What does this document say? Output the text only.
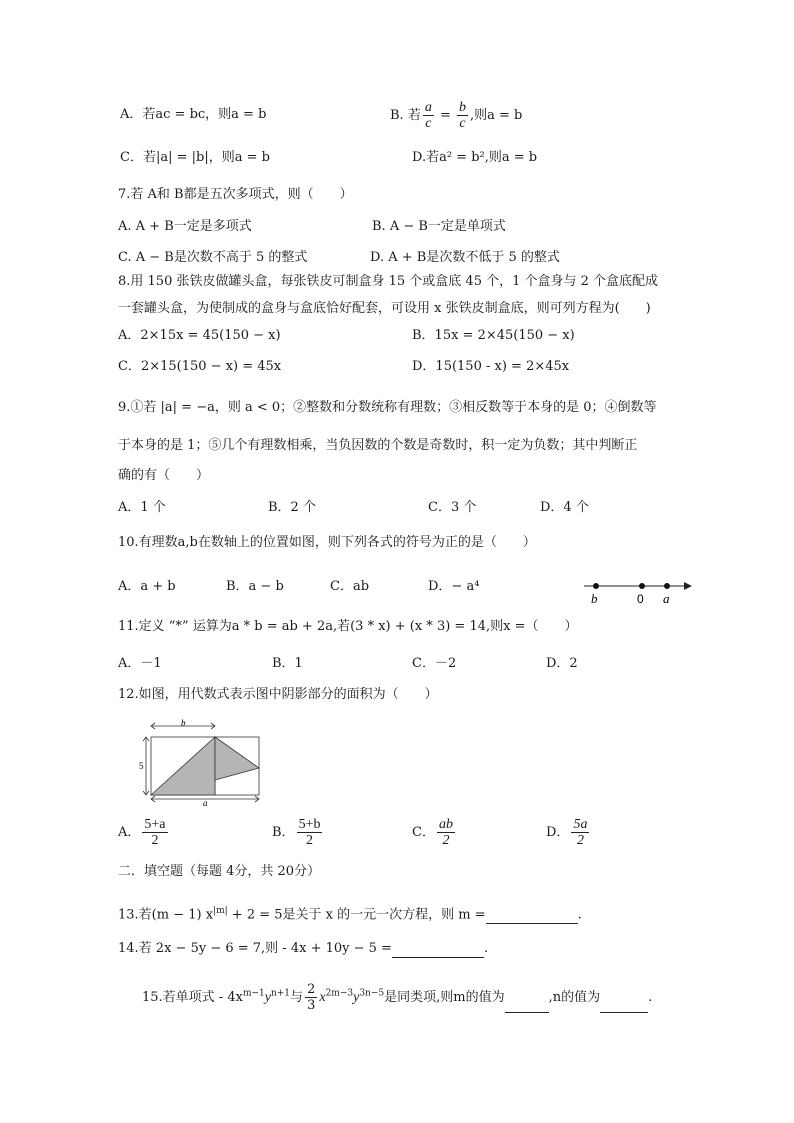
A．若ac = bc，则a = b	B. 若 $\frac{a}{c} = \frac{b}{c}$ ,则a = b
C．若|a| = |b|，则a = b	D.若a² = b²,则a = b
7.若 A和 B都是五次多项式，则（　　）
A. A + B一定是多项式	B. A − B一定是单项式
C. A − B是次数不高于 5 的整式	D. A + B是次数不低于 5 的整式
8.用 150 张铁皮做罐头盒，每张铁皮可制盒身 15 个或盒底 45 个，1 个盒身与 2 个盒底配成
一套罐头盒，为使制成的盒身与盒底恰好配套，可设用 x 张铁皮制盒底，则可列方程为(　　)
A．2×15x = 45(150 − x)	B．15x = 2×45(150 − x)
C．2×15(150 − x) = 45x	D．15(150 - x) = 2×45x
9.①若 |a| = −a，则 a < 0；②整数和分数统称有理数；③相反数等于本身的是 0；④倒数等
于本身的是 1；⑤几个有理数相乘，当负因数的个数是奇数时，积一定为负数；其中判断正
确的有（　　）
A．1 个	B．2 个	C．3 个	D．4 个
10.有理数a,b在数轴上的位置如图，则下列各式的符号为正的是（　　）
A．a + b	B．a − b	C．ab	D．− a⁴
b	0 a
11.定义 “*” 运算为a * b = ab + 2a,若(3 * x) + (x * 3) = 14,则x =（　　）
A．－1	B．1	C．－2	D．2
12.如图，用代数式表示图中阴影部分的面积为（　　）
b
5
a
A． $\frac{5+a}{2}$	B． $\frac{5+b}{2}$	C． $\frac{ab}{2}$	D． $\frac{5a}{2}$
二．填空题（每题 4分，共 20分）
13.若(m − 1) $x^{|m|} + 2 = 5$是关于 x 的一元一次方程，则 m =	.
14.若 2x − 5y − 6 = 7,则 - 4x + 10y − 5 =	.
15.若单项式 - $4x^{m-1}y^{n+1}$与 $\frac{2}{3} x^{2m-3}y^{3n-5}$是同类项,则m的值为	,n的值为	.
